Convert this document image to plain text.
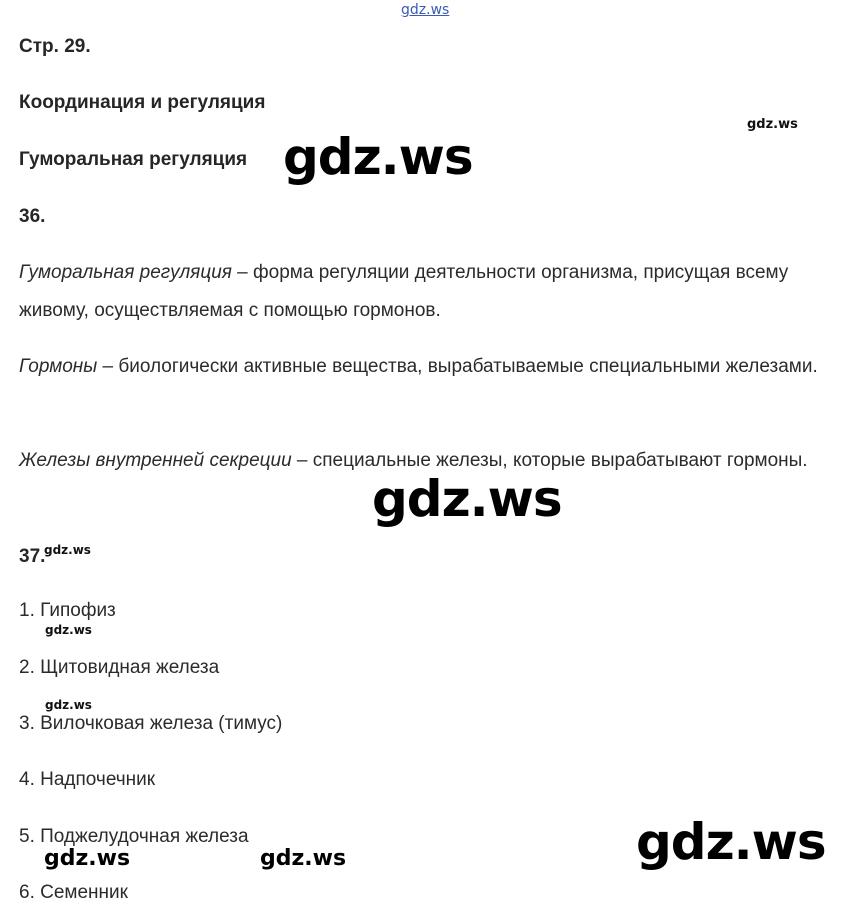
gdz.ws
Стр. 29.
Координация и регуляция
Гуморальная регуляция
36.
Гуморальная регуляция – форма регуляции деятельности организма, присущая всему живому, осуществляемая с помощью гормонов.
Гормоны – биологически активные вещества, вырабатываемые специальными железами.
Железы внутренней секреции – специальные железы, которые вырабатывают гормоны.
37.
1. Гипофиз
2. Щитовидная железа
3. Вилочковая железа (тимус)
4. Надпочечник
5. Поджелудочная железа
6. Семенник
gdz.ws
gdz.ws
gdz.ws
gdz.ws
gdz.ws
gdz.ws
gdz.ws
gdz.ws	gdz.ws
